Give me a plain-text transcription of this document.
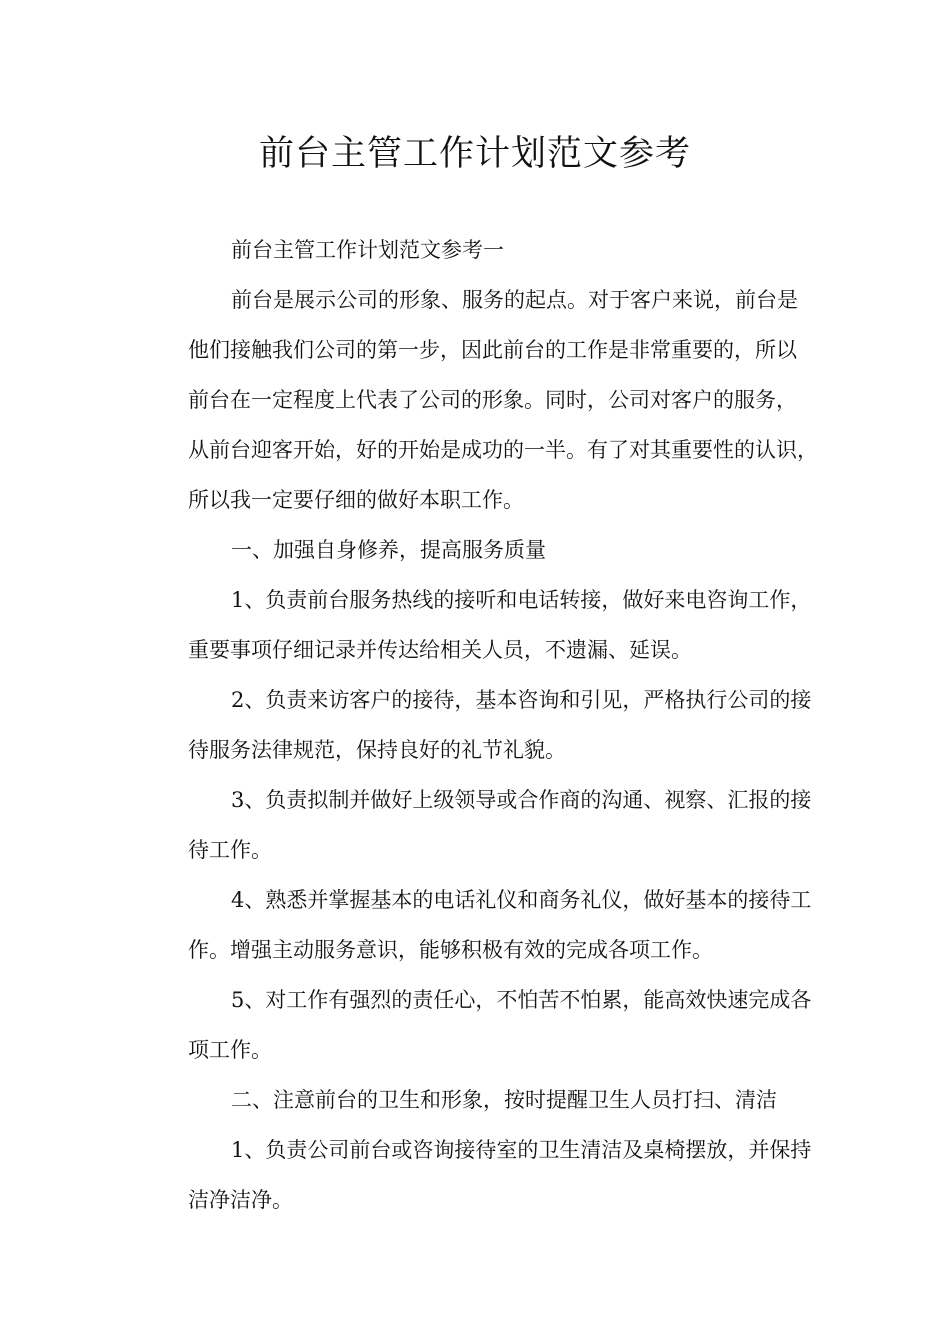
前台主管工作计划范文参考
前台主管工作计划范文参考一
前台是展示公司的形象、服务的起点。对于客户来说，前台是
他们接触我们公司的第一步，因此前台的工作是非常重要的，所以
前台在一定程度上代表了公司的形象。同时，公司对客户的服务，
从前台迎客开始，好的开始是成功的一半。有了对其重要性的认识，
所以我一定要仔细的做好本职工作。
一、加强自身修养，提高服务质量
1、负责前台服务热线的接听和电话转接，做好来电咨询工作，
重要事项仔细记录并传达给相关人员，不遗漏、延误。
2、负责来访客户的接待，基本咨询和引见，严格执行公司的接
待服务法律规范，保持良好的礼节礼貌。
3、负责拟制并做好上级领导或合作商的沟通、视察、汇报的接
待工作。
4、熟悉并掌握基本的电话礼仪和商务礼仪，做好基本的接待工
作。增强主动服务意识，能够积极有效的完成各项工作。
5、对工作有强烈的责任心，不怕苦不怕累，能高效快速完成各
项工作。
二、注意前台的卫生和形象，按时提醒卫生人员打扫、清洁
1、负责公司前台或咨询接待室的卫生清洁及桌椅摆放，并保持
洁净洁净。
